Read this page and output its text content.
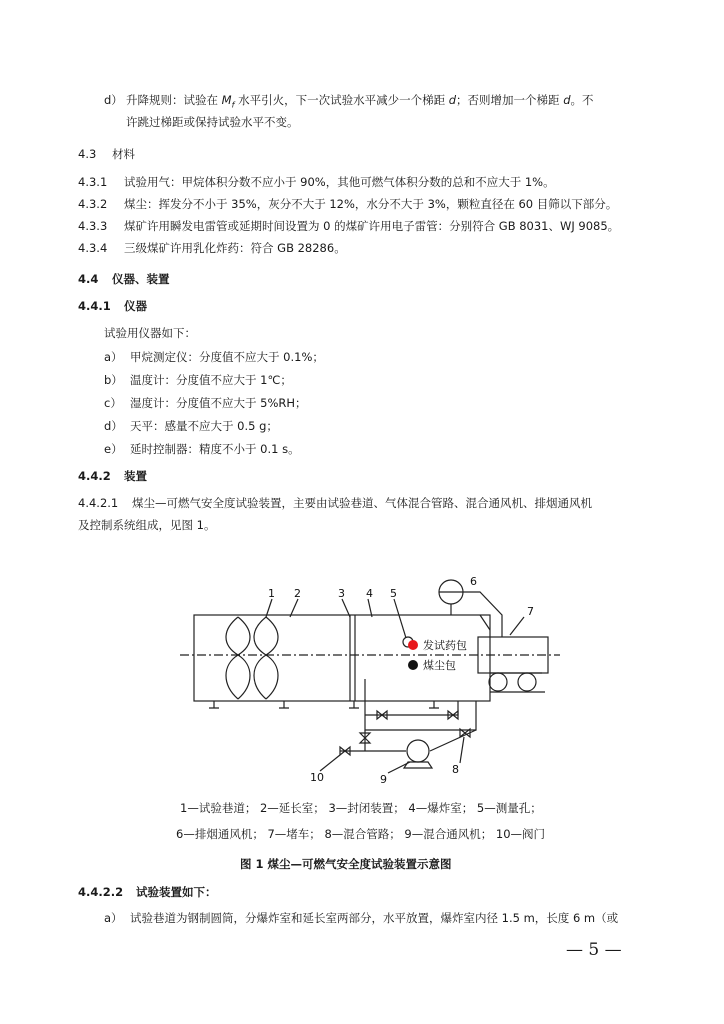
d） 升降规则：试验在 $M_f$ 水平引火，下一次试验水平减少一个梯距 d；否则增加一个梯距 d。不
许跳过梯距或保持试验水平不变。
4.3 材料
4.3.1 试验用气：甲烷体积分数不应小于 90%，其他可燃气体积分数的总和不应大于 1%。
4.3.2 煤尘：挥发分不小于 35%，灰分不大于 12%，水分不大于 3%，颗粒直径在 60 目筛以下部分。
4.3.3 煤矿许用瞬发电雷管或延期时间设置为 0 的煤矿许用电子雷管：分别符合 GB 8031、WJ 9085。
4.3.4 三级煤矿许用乳化炸药：符合 GB 28286。
4.4 仪器、装置
4.4.1 仪器
试验用仪器如下：
a） 甲烷测定仪：分度值不应大于 0.1%；
b） 温度计：分度值不应大于 1℃；
c） 湿度计：分度值不应大于 5%RH；
d） 天平：感量不应大于 0.5 g；
e） 延时控制器：精度不小于 0.1 s。
4.4.2 装置
4.4.2.1 煤尘—可燃气安全度试验装置，主要由试验巷道、气体混合管路、混合通风机、排烟通风机
及控制系统组成，见图 1。
发试药包
煤尘包
1 2	3 4 5
6
7
8
9
10
1—试验巷道； 2—延长室； 3—封闭装置； 4—爆炸室； 5—测量孔；
6—排烟通风机； 7—堵车； 8—混合管路； 9—混合通风机； 10—阀门
图 1 煤尘—可燃气安全度试验装置示意图
4.4.2.2 试验装置如下：
a） 试验巷道为钢制圆筒，分爆炸室和延长室两部分，水平放置，爆炸室内径 1.5 m，长度 6 m（或
— 5 —
